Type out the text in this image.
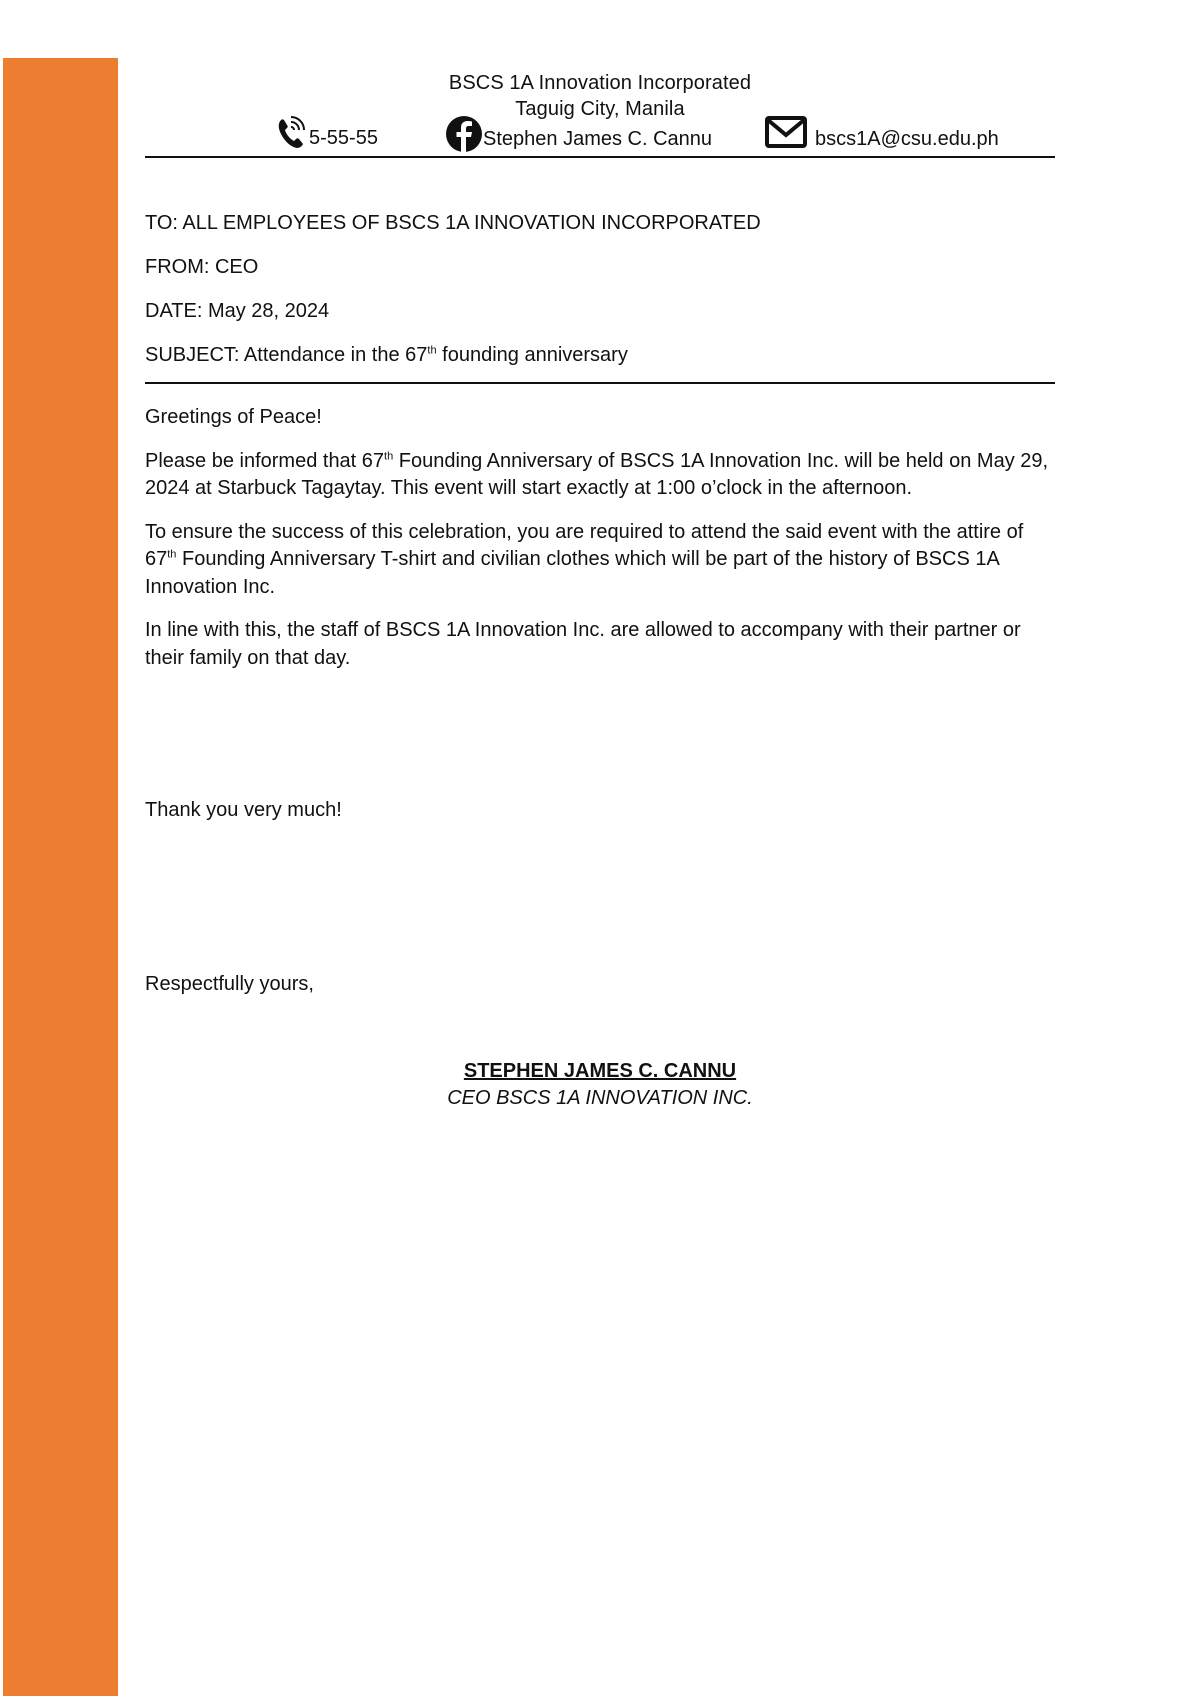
BSCS 1A Innovation Incorporated
Taguig City, Manila
5-55-55	Stephen James C. Cannu	bscs1A@csu.edu.ph

TO: ALL EMPLOYEES OF BSCS 1A INNOVATION INCORPORATED

FROM: CEO

DATE: May 28, 2024

SUBJECT: Attendance in the 67th founding anniversary

Greetings of Peace!

Please be informed that 67th Founding Anniversary of BSCS 1A Innovation Inc. will be held on May 29, 2024 at Starbuck Tagaytay. This event will start exactly at 1:00 o’clock in the afternoon.

To ensure the success of this celebration, you are required to attend the said event with the attire of 67th Founding Anniversary T-shirt and civilian clothes which will be part of the history of BSCS 1A Innovation Inc.

In line with this, the staff of BSCS 1A Innovation Inc. are allowed to accompany with their partner or their family on that day.

Thank you very much!
Respectfully yours,
STEPHEN JAMES C. CANNU
CEO BSCS 1A INNOVATION INC.
